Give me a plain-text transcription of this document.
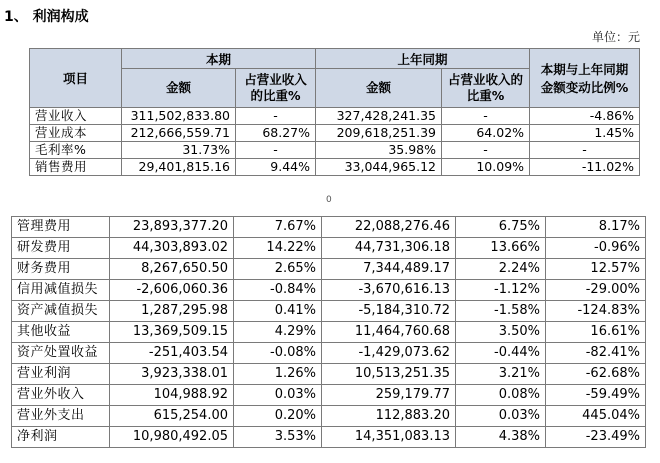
1、 利润构成
单位：元
项目	本期		上年同期		本期与上年同期金额变动比例%
	金额	占营业收入的比重%	金额	占营业收入的比重%	
营业收入	311,502,833.80	-	327,428,241.35	-	-4.86%
营业成本	212,666,559.71	68.27%	209,618,251.39	64.02%	1.45%
毛利率%	31.73%	-	35.98%	-	-
销售费用	29,401,815.16	9.44%	33,044,965.12	10.09%	-11.02%
0
管理费用	23,893,377.20	7.67%	22,088,276.46	6.75%	8.17%
研发费用	44,303,893.02	14.22%	44,731,306.18	13.66%	-0.96%
财务费用	8,267,650.50	2.65%	7,344,489.17	2.24%	12.57%
信用减值损失	-2,606,060.36	-0.84%	-3,670,616.13	-1.12%	-29.00%
资产减值损失	1,287,295.98	0.41%	-5,184,310.72	-1.58%	-124.83%
其他收益	13,369,509.15	4.29%	11,464,760.68	3.50%	16.61%
资产处置收益	-251,403.54	-0.08%	-1,429,073.62	-0.44%	-82.41%
营业利润	3,923,338.01	1.26%	10,513,251.35	3.21%	-62.68%
营业外收入	104,988.92	0.03%	259,179.77	0.08%	-59.49%
营业外支出	615,254.00	0.20%	112,883.20	0.03%	445.04%
净利润	10,980,492.05	3.53%	14,351,083.13	4.38%	-23.49%
